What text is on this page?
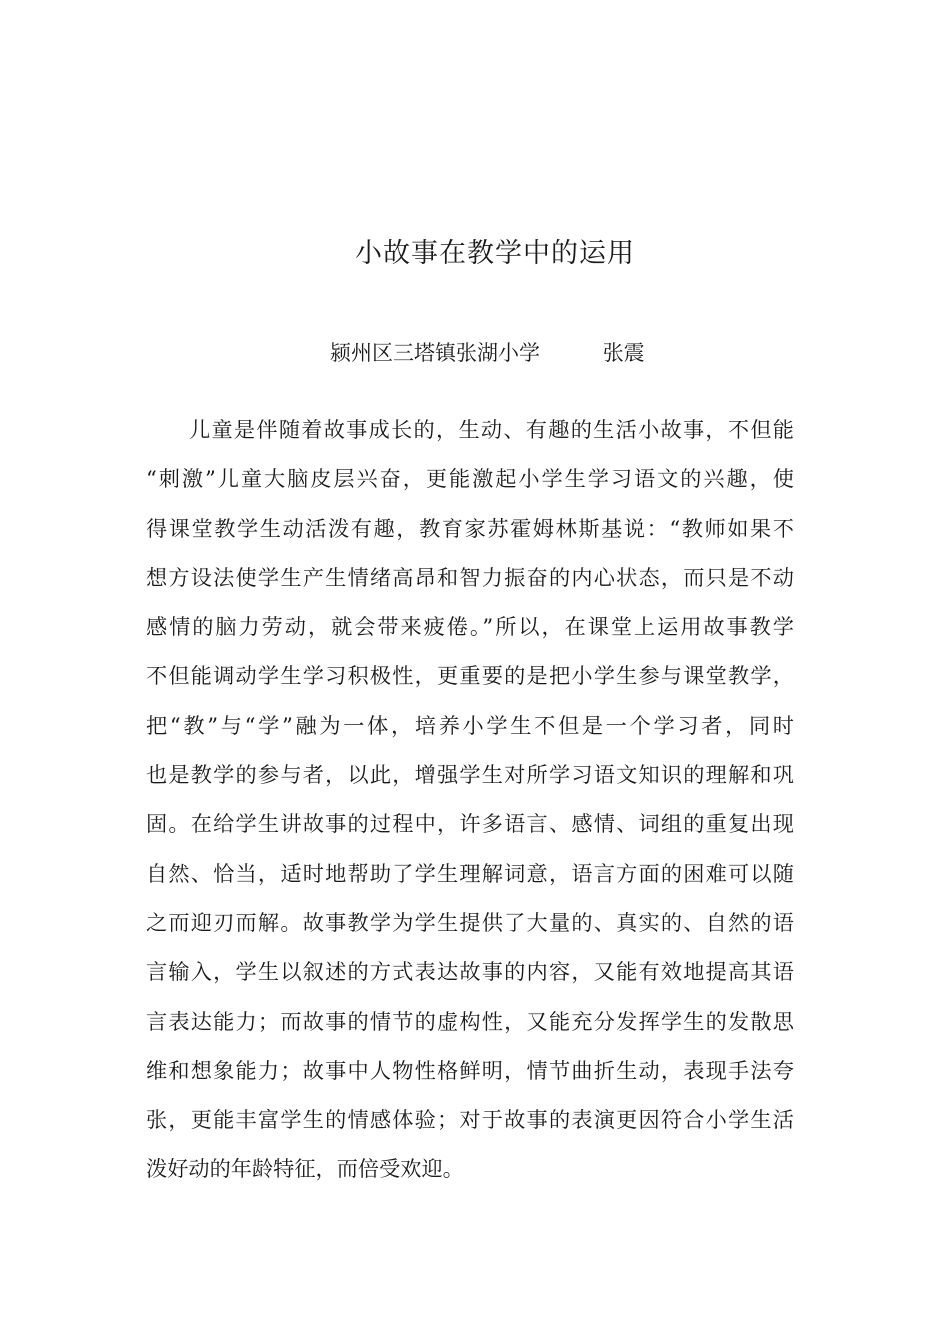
小故事在教学中的运用
颍州区三塔镇张湖小学	张震
儿童是伴随着故事成长的，生动、有趣的生活小故事，不但能
“刺激”儿童大脑皮层兴奋，更能激起小学生学习语文的兴趣，使
得课堂教学生动活泼有趣，教育家苏霍姆林斯基说：“教师如果不
想方设法使学生产生情绪高昂和智力振奋的内心状态，而只是不动
感情的脑力劳动，就会带来疲倦。”所以，在课堂上运用故事教学
不但能调动学生学习积极性，更重要的是把小学生参与课堂教学，
把“教”与“学”融为一体，培养小学生不但是一个学习者，同时
也是教学的参与者，以此，增强学生对所学习语文知识的理解和巩
固。在给学生讲故事的过程中，许多语言、感情、词组的重复出现
自然、恰当，适时地帮助了学生理解词意，语言方面的困难可以随
之而迎刃而解。故事教学为学生提供了大量的、真实的、自然的语
言输入，学生以叙述的方式表达故事的内容，又能有效地提高其语
言表达能力；而故事的情节的虚构性，又能充分发挥学生的发散思
维和想象能力；故事中人物性格鲜明，情节曲折生动，表现手法夸
张，更能丰富学生的情感体验；对于故事的表演更因符合小学生活
泼好动的年龄特征，而倍受欢迎。
